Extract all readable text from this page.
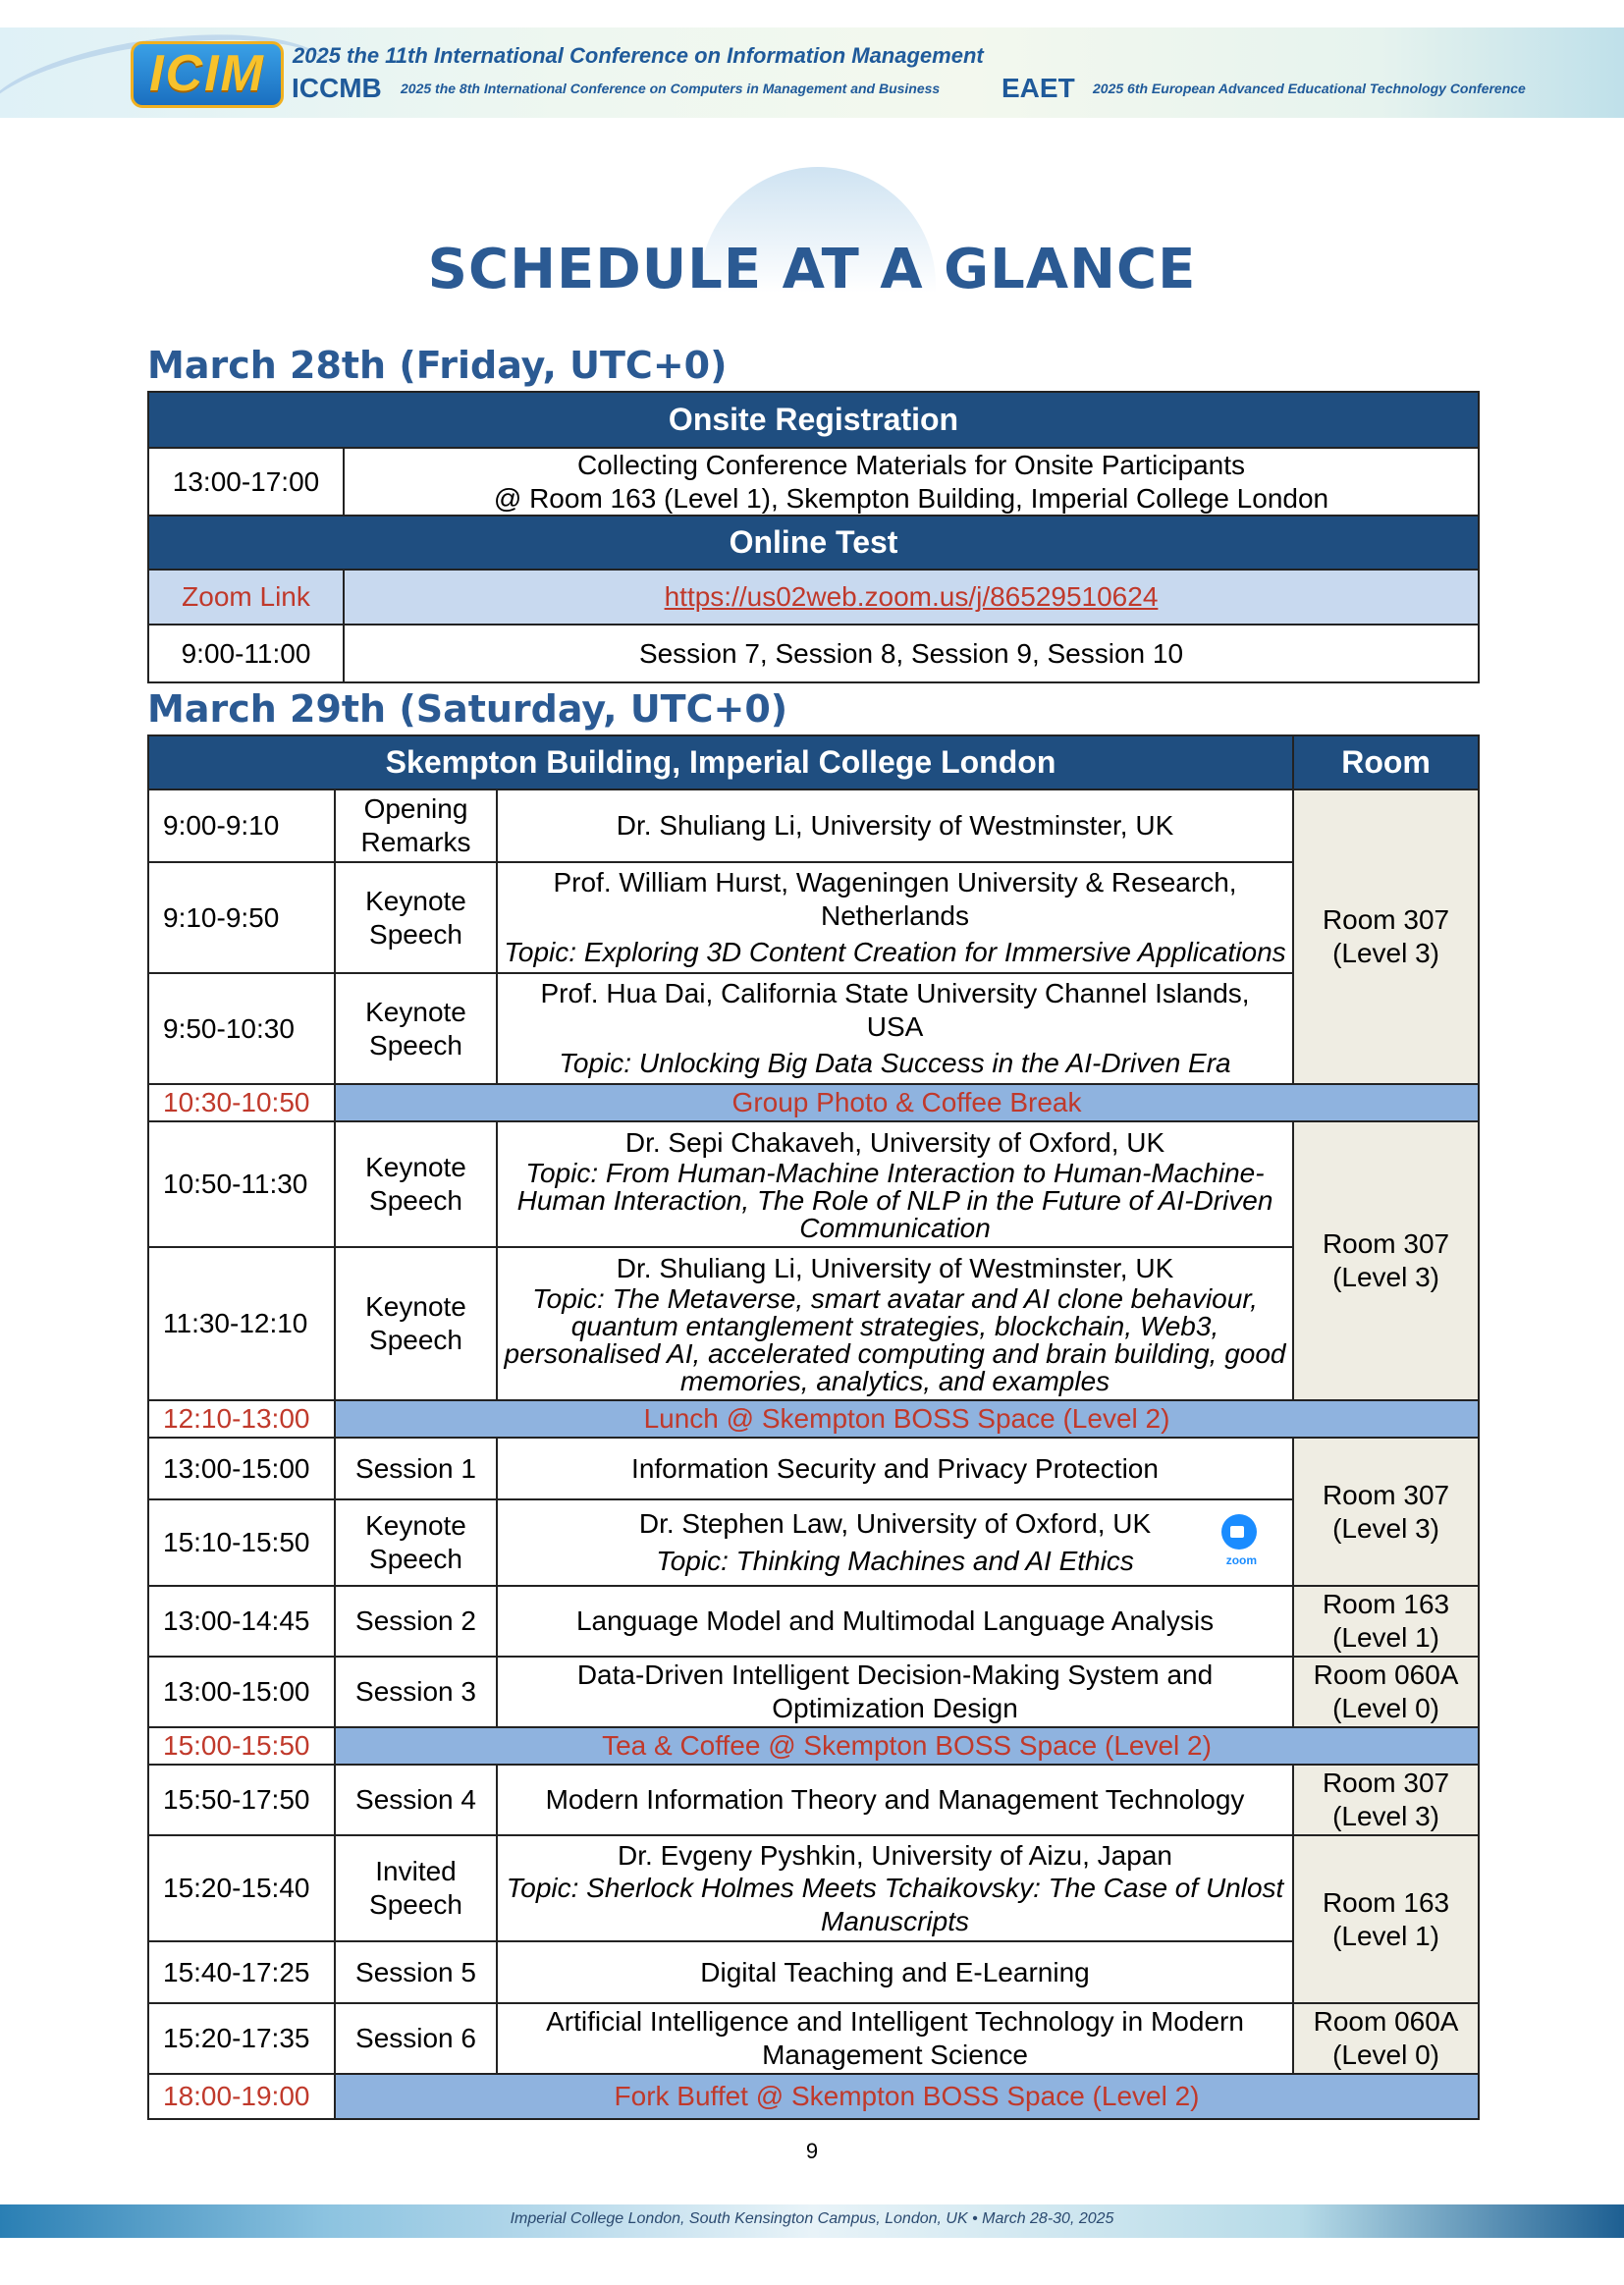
ICIM	2025 the 11th International Conference on Information Management
ICCMB 2025 the 8th International Conference on Computers in Management and Business EAET 2025 6th European Advanced Educational Technology Conference
SCHEDULE AT A GLANCE
March 28th (Friday, UTC+0)
Onsite Registration	
13:00-17:00	Collecting Conference Materials for Onsite Participants
@ Room 163 (Level 1), Skempton Building, Imperial College London

Online Test	
Zoom Link	https://us02web.zoom.us/j/86529510624
9:00-11:00	Session 7, Session 8, Session 9, Session 10
March 29th (Saturday, UTC+0)
Skempton Building, Imperial College London			Room
9:00-9:10	Opening Remarks	Dr. Shuliang Li, University of Westminster, UK	Room 307 (Level 3)
9:10-9:50	Keynote Speech	Prof. William Hurst, Wageningen University & Research,
Netherlands
Topic: Exploring 3D Content Creation for Immersive Applications	

9:50-10:30	Keynote Speech	Prof. Hua Dai, California State University Channel Islands,
USA
Topic: Unlocking Big Data Success in the AI-Driven Era	

10:30-10:50	Group Photo & Coffee Break		
10:50-11:30	Keynote Speech	Dr. Sepi Chakaveh, University of Oxford, UK
Topic: From Human-Machine Interaction to Human-Machine-Human Interaction, The Role of NLP in the Future of AI-Driven Communication	Room 307 (Level 3)
11:30-12:10	Keynote Speech	Dr. Shuliang Li, University of Westminster, UK
Topic: The Metaverse, smart avatar and AI clone behaviour, quantum entanglement strategies, blockchain, Web3, personalised AI, accelerated computing and brain building, good memories, analytics, and examples	

12:10-13:00	Lunch @ Skempton BOSS Space (Level 2)		
13:00-15:00	Session 1	Information Security and Privacy Protection	Room 307 (Level 3)
15:10-15:50	Keynote Speech	Dr. Stephen Law, University of Oxford, UK
Topic: Thinking Machines and AI Ethics zoom	

13:00-14:45	Session 2	Language Model and Multimodal Language Analysis	Room 163 (Level 1)
13:00-15:00	Session 3	Data-Driven Intelligent Decision-Making System and Optimization Design	Room 060A (Level 0)
15:00-15:50	Tea & Coffee @ Skempton BOSS Space (Level 2)		
15:50-17:50	Session 4	Modern Information Theory and Management Technology	Room 307 (Level 3)
15:20-15:40	Invited Speech	Dr. Evgeny Pyshkin, University of Aizu, Japan
Topic: Sherlock Holmes Meets Tchaikovsky: The Case of Unlost Manuscripts	Room 163 (Level 1)
15:40-17:25	Session 5	Digital Teaching and E-Learning	
15:20-17:35	Session 6	Artificial Intelligence and Intelligent Technology in Modern Management Science	Room 060A (Level 0)
18:00-19:00	Fork Buffet @ Skempton BOSS Space (Level 2)		
9
Imperial College London, South Kensington Campus, London, UK • March 28-30, 2025
